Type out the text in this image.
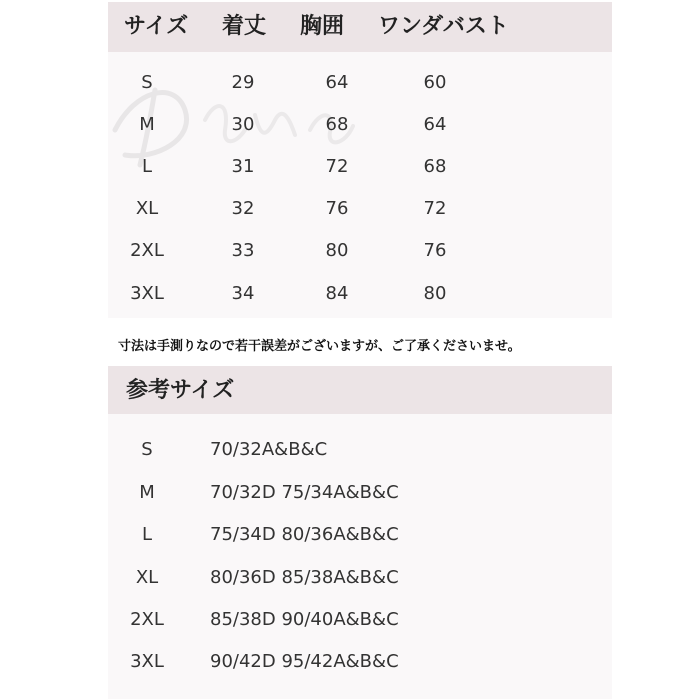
サイズ 着丈 胸囲 ワンダバスト
S	29	64	60
M	30	68	64
L	31	72	68
XL	32	76	72
2XL	33	80	76
3XL	34	84	80
寸法は手測りなので若干誤差がございますが、ご了承くださいませ。
参考サイズ
S	70/32A&B&C
M	70/32D 75/34A&B&C
L	75/34D 80/36A&B&C
XL	80/36D 85/38A&B&C
2XL	85/38D 90/40A&B&C
3XL	90/42D 95/42A&B&C
